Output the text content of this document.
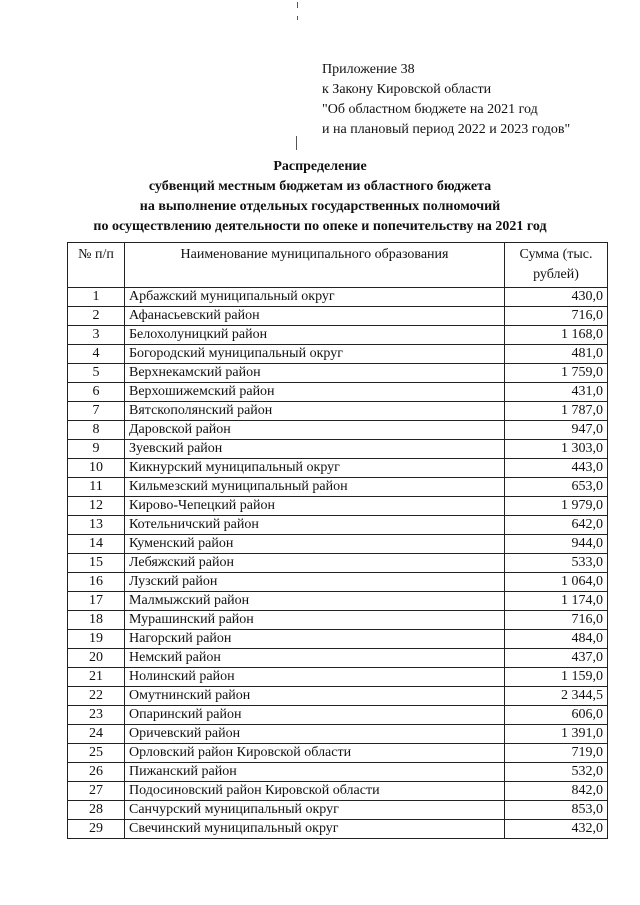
Приложение 38
к Закону Кировской области
"Об областном бюджете на 2021 год
и на плановый период 2022 и 2023 годов"
Распределение
субвенций местным бюджетам из областного бюджета
на выполнение отдельных государственных полномочий
по осуществлению деятельности по опеке и попечительству на 2021 год
№ п/п	Наименование муниципального образования	Сумма (тыс. рублей)
1	Арбажский муниципальный округ	430,0
2	Афанасьевский район	716,0
3	Белохолуницкий район	1 168,0
4	Богородский муниципальный округ	481,0
5	Верхнекамский район	1 759,0
6	Верхошижемский район	431,0
7	Вятскополянский район	1 787,0
8	Даровской район	947,0
9	Зуевский район	1 303,0
10	Кикнурский муниципальный округ	443,0
11	Кильмезский муниципальный район	653,0
12	Кирово-Чепецкий район	1 979,0
13	Котельничский район	642,0
14	Куменский район	944,0
15	Лебяжский район	533,0
16	Лузский район	1 064,0
17	Малмыжский район	1 174,0
18	Мурашинский район	716,0
19	Нагорский район	484,0
20	Немский район	437,0
21	Нолинский район	1 159,0
22	Омутнинский район	2 344,5
23	Опаринский район	606,0
24	Оричевский район	1 391,0
25	Орловский район Кировской области	719,0
26	Пижанский район	532,0
27	Подосиновский район Кировской области	842,0
28	Санчурский муниципальный округ	853,0
29	Свечинский муниципальный округ	432,0
